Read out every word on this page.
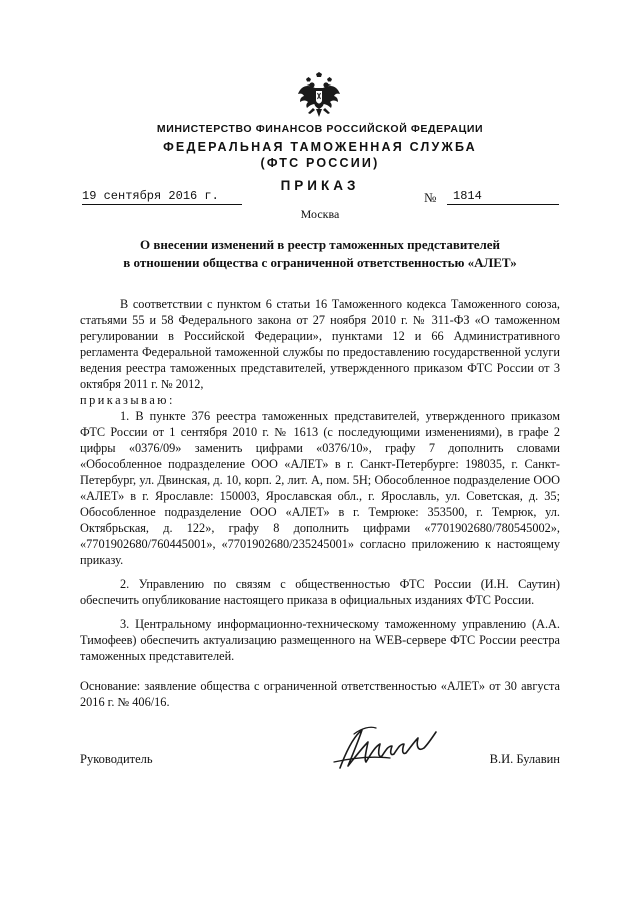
МИНИСТЕРСТВО ФИНАНСОВ РОССИЙСКОЙ ФЕДЕРАЦИИ
ФЕДЕРАЛЬНАЯ ТАМОЖЕННАЯ СЛУЖБА
(ФТС РОССИИ)
ПРИКАЗ
19 сентября 2016 г.	№	1814
Москва
О внесении изменений в реестр таможенных представителей
в отношении общества с ограниченной ответственностью «АЛЕТ»

В соответствии с пунктом 6 статьи 16 Таможенного кодекса Таможенного союза, статьями 55 и 58 Федерального закона от 27 ноября 2010 г. № 311-ФЗ «О таможенном регулировании в Российской Федерации», пунктами 12 и 66 Административного регламента Федеральной таможенной службы по предоставлению государственной услуги ведения реестра таможенных представителей, утвержденного приказом ФТС России от 3 октября 2011 г. № 2012,

приказываю:

1. В пункте 376 реестра таможенных представителей, утвержденного приказом ФТС России от 1 сентября 2010 г. № 1613 (с последующими изменениями), в графе 2 цифры «0376/09» заменить цифрами «0376/10», графу 7 дополнить словами «Обособленное подразделение ООО «АЛЕТ» в г. Санкт-Петербурге: 198035, г. Санкт-Петербург, ул. Двинская, д. 10, корп. 2, лит. А, пом. 5Н; Обособленное подразделение ООО «АЛЕТ» в г. Ярославле: 150003, Ярославская обл., г. Ярославль, ул. Советская, д. 35; Обособленное подразделение ООО «АЛЕТ» в г. Темрюке: 353500, г. Темрюк, ул. Октябрьская, д. 122», графу 8 дополнить цифрами «7701902680/780545002», «7701902680/760445001», «7701902680/235245001» согласно приложению к настоящему приказу.

2. Управлению по связям с общественностью ФТС России (И.Н. Саутин) обеспечить опубликование настоящего приказа в официальных изданиях ФТС России.

3. Центральному информационно-техническому таможенному управлению (А.А. Тимофеев) обеспечить актуализацию размещенного на WEB-сервере ФТС России реестра таможенных представителей.

Основание: заявление общества с ограниченной ответственностью «АЛЕТ» от 30 августа 2016 г. № 406/16.

Руководитель	В.И. Булавин
